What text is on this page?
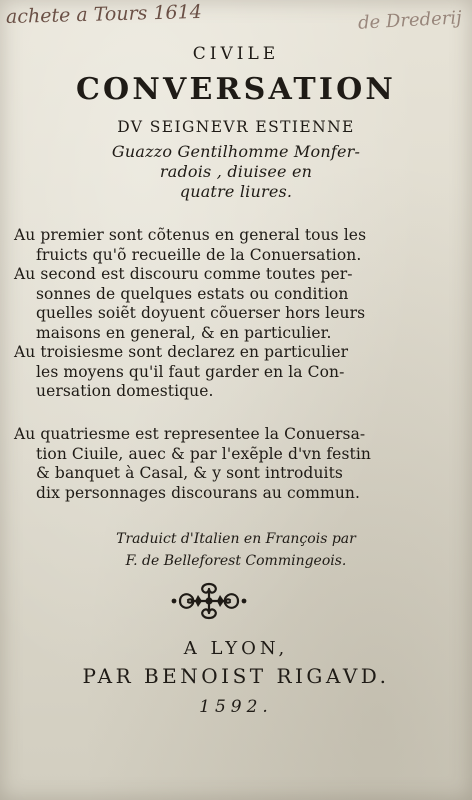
achete a Tours 1614	de Drederij
CIVILE
CONVERSATION
DV SEIGNEVR ESTIENNE
Guazzo Gentilhomme Monfer-
radois , diuisee en
quatre liures.
Au premier sont cõtenus en general tous les
fruicts qu'õ recueille de la Conuersation.
Au second est discouru comme toutes per-
sonnes de quelques estats ou condition
quelles soiẽt doyuent cõuerser hors leurs
maisons en general, & en particulier.
Au troisiesme sont declarez en particulier
les moyens qu'il faut garder en la Con-
uersation domestique.
Au quatriesme est representee la Conuersa-
tion Ciuile, auec & par l'exẽple d'vn festin
& banquet à Casal, & y sont introduits
dix personnages discourans au commun.
Traduict d'Italien en François par
F. de Belleforest Commingeois.
A LYON,
PAR BENOIST RIGAVD.
1592.
